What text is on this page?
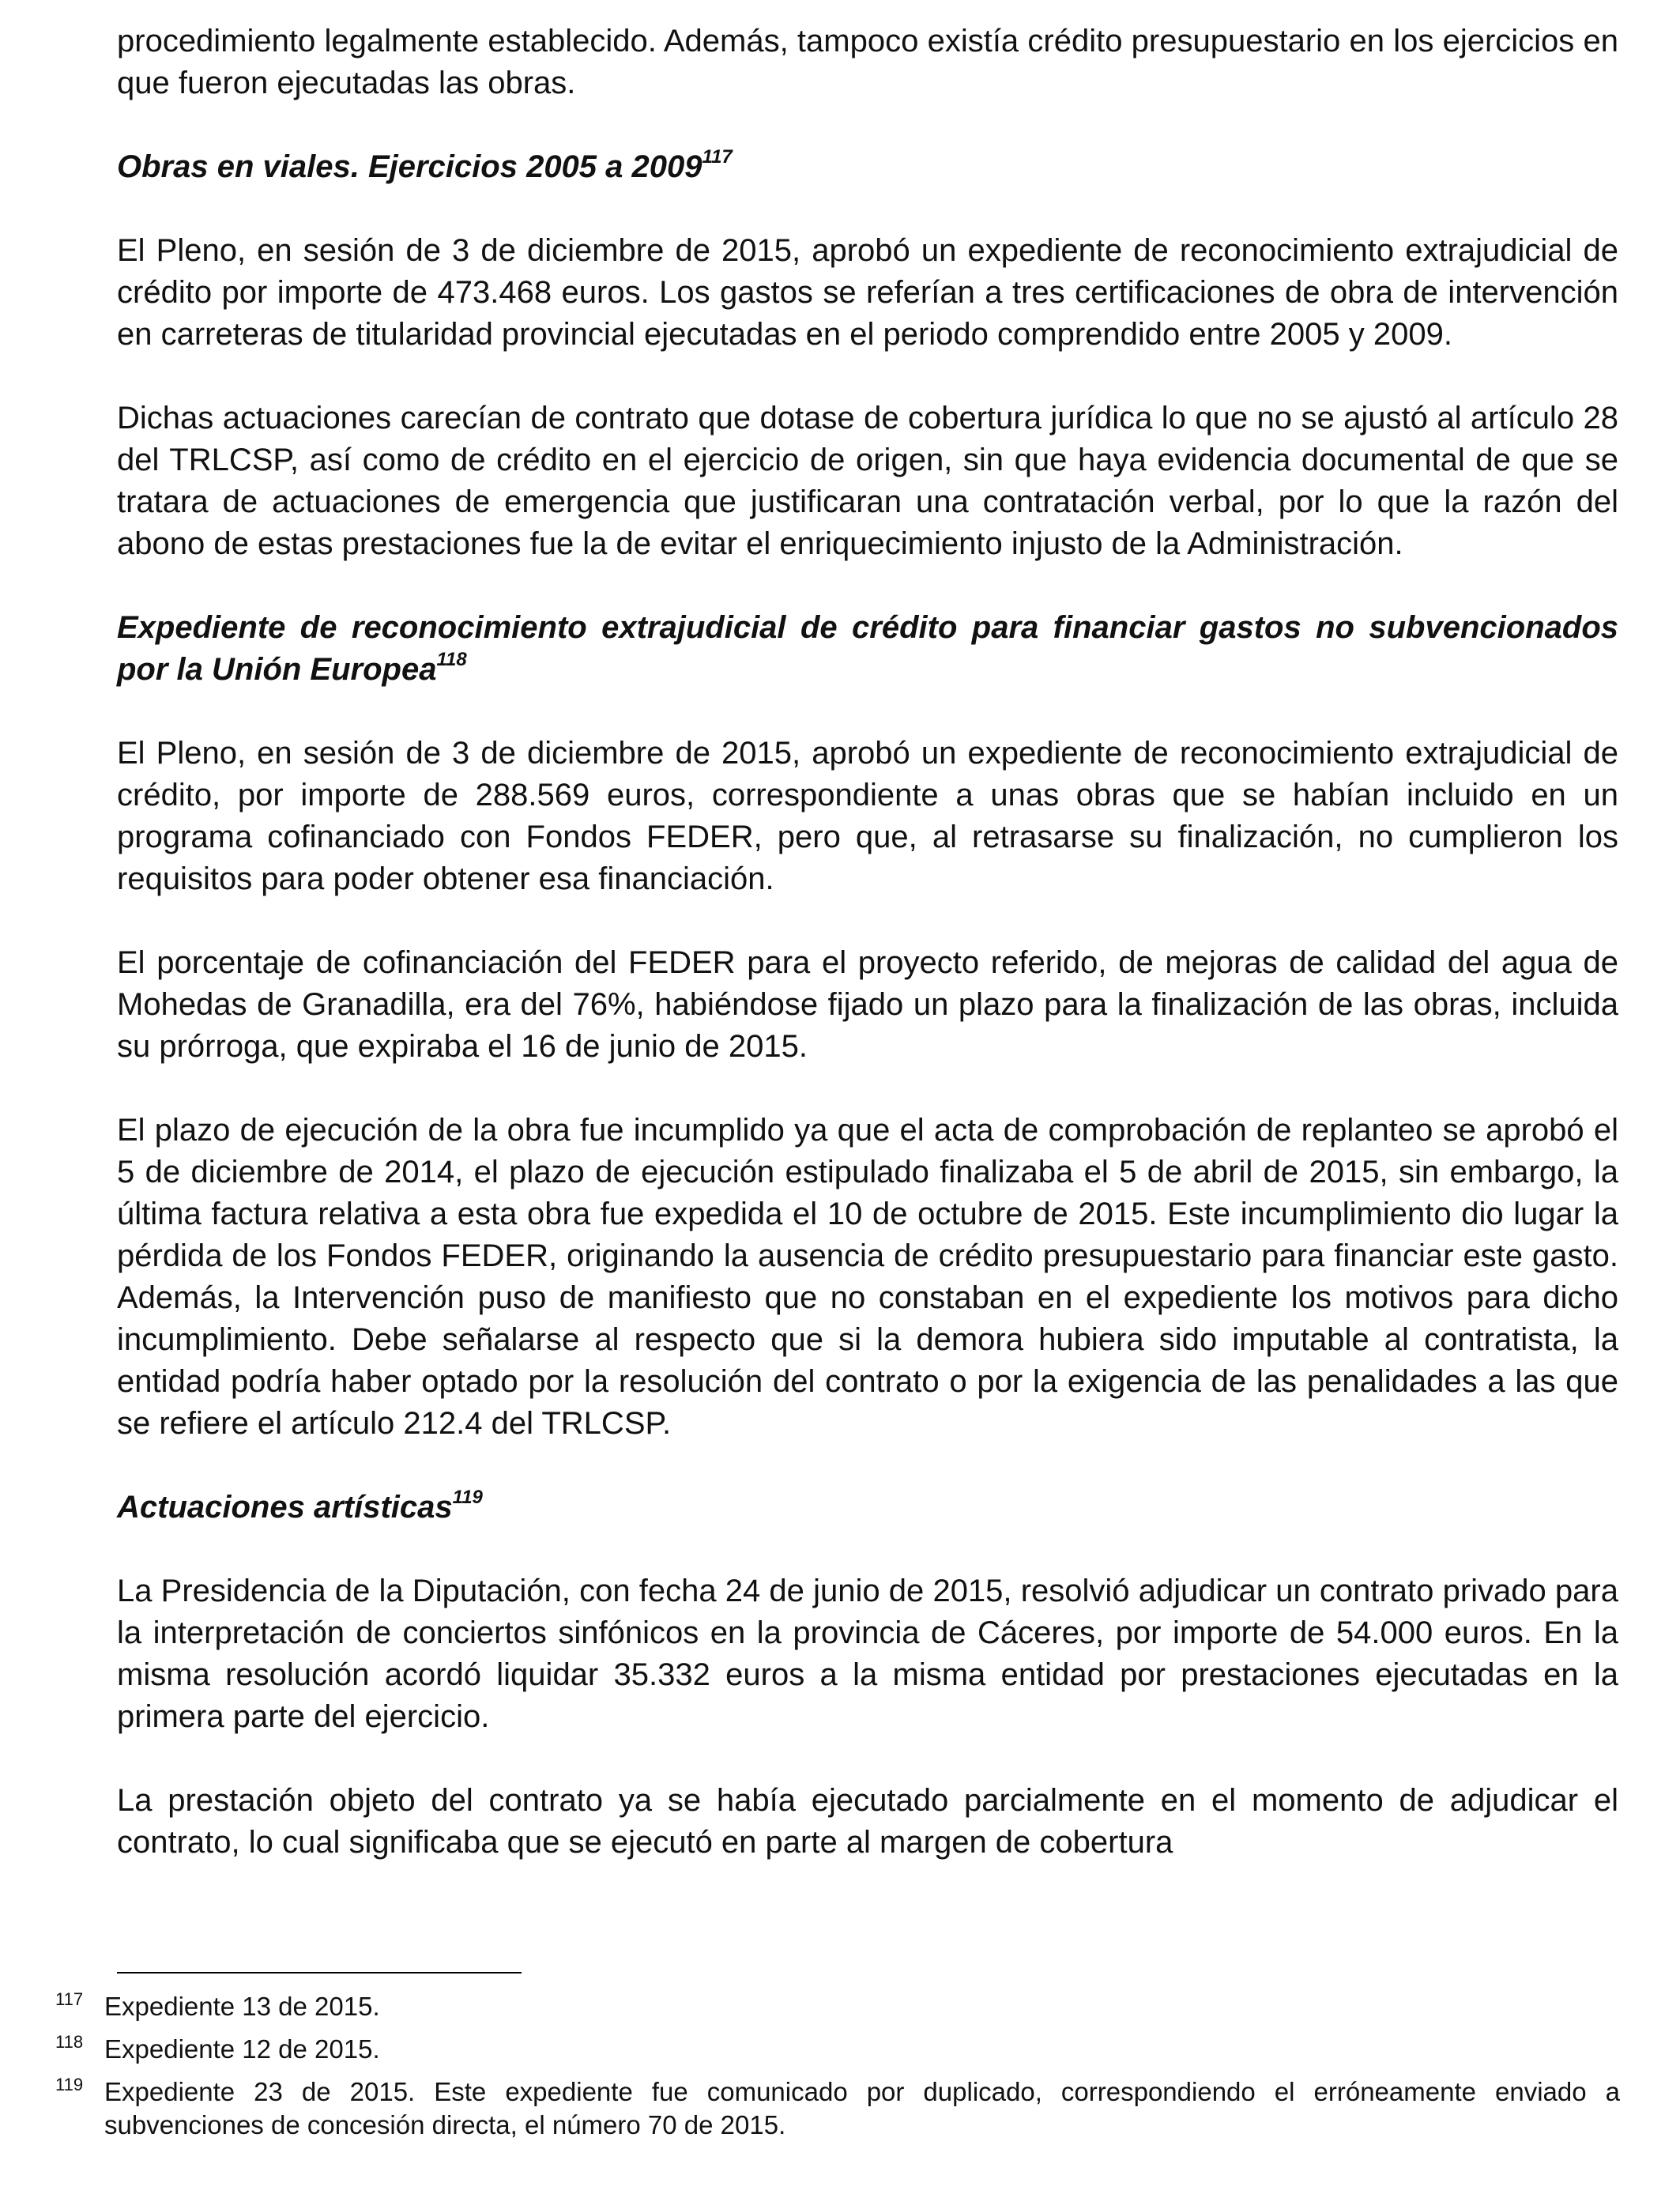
procedimiento legalmente establecido. Además, tampoco existía crédito presupuestario en los ejercicios en que fueron ejecutadas las obras.

Obras en viales. Ejercicios 2005 a 2009$^{117}$

El Pleno, en sesión de 3 de diciembre de 2015, aprobó un expediente de reconocimiento extrajudicial de crédito por importe de 473.468 euros. Los gastos se referían a tres certificaciones de obra de intervención en carreteras de titularidad provincial ejecutadas en el periodo comprendido entre 2005 y 2009.

Dichas actuaciones carecían de contrato que dotase de cobertura jurídica lo que no se ajustó al artículo 28 del TRLCSP, así como de crédito en el ejercicio de origen, sin que haya evidencia documental de que se tratara de actuaciones de emergencia que justificaran una contratación verbal, por lo que la razón del abono de estas prestaciones fue la de evitar el enriquecimiento injusto de la Administración.

Expediente de reconocimiento extrajudicial de crédito para financiar gastos no subvencionados por la Unión Europea$^{118}$

El Pleno, en sesión de 3 de diciembre de 2015, aprobó un expediente de reconocimiento extrajudicial de crédito, por importe de 288.569 euros, correspondiente a unas obras que se habían incluido en un programa cofinanciado con Fondos FEDER, pero que, al retrasarse su finalización, no cumplieron los requisitos para poder obtener esa financiación.

El porcentaje de cofinanciación del FEDER para el proyecto referido, de mejoras de calidad del agua de Mohedas de Granadilla, era del 76%, habiéndose fijado un plazo para la finalización de las obras, incluida su prórroga, que expiraba el 16 de junio de 2015.

El plazo de ejecución de la obra fue incumplido ya que el acta de comprobación de replanteo se aprobó el 5 de diciembre de 2014, el plazo de ejecución estipulado finalizaba el 5 de abril de 2015, sin embargo, la última factura relativa a esta obra fue expedida el 10 de octubre de 2015. Este incumplimiento dio lugar la pérdida de los Fondos FEDER, originando la ausencia de crédito presupuestario para financiar este gasto. Además, la Intervención puso de manifiesto que no constaban en el expediente los motivos para dicho incumplimiento. Debe señalarse al respecto que si la demora hubiera sido imputable al contratista, la entidad podría haber optado por la resolución del contrato o por la exigencia de las penalidades a las que se refiere el artículo 212.4 del TRLCSP.

Actuaciones artísticas$^{119}$

La Presidencia de la Diputación, con fecha 24 de junio de 2015, resolvió adjudicar un contrato privado para la interpretación de conciertos sinfónicos en la provincia de Cáceres, por importe de 54.000 euros. En la misma resolución acordó liquidar 35.332 euros a la misma entidad por prestaciones ejecutadas en la primera parte del ejercicio.

La prestación objeto del contrato ya se había ejecutado parcialmente en el momento de adjudicar el contrato, lo cual significaba que se ejecutó en parte al margen de cobertura

117 Expediente 13 de 2015.
118 Expediente 12 de 2015.
119 Expediente 23 de 2015. Este expediente fue comunicado por duplicado, correspondiendo el erróneamente enviado a subvenciones de concesión directa, el número 70 de 2015.
